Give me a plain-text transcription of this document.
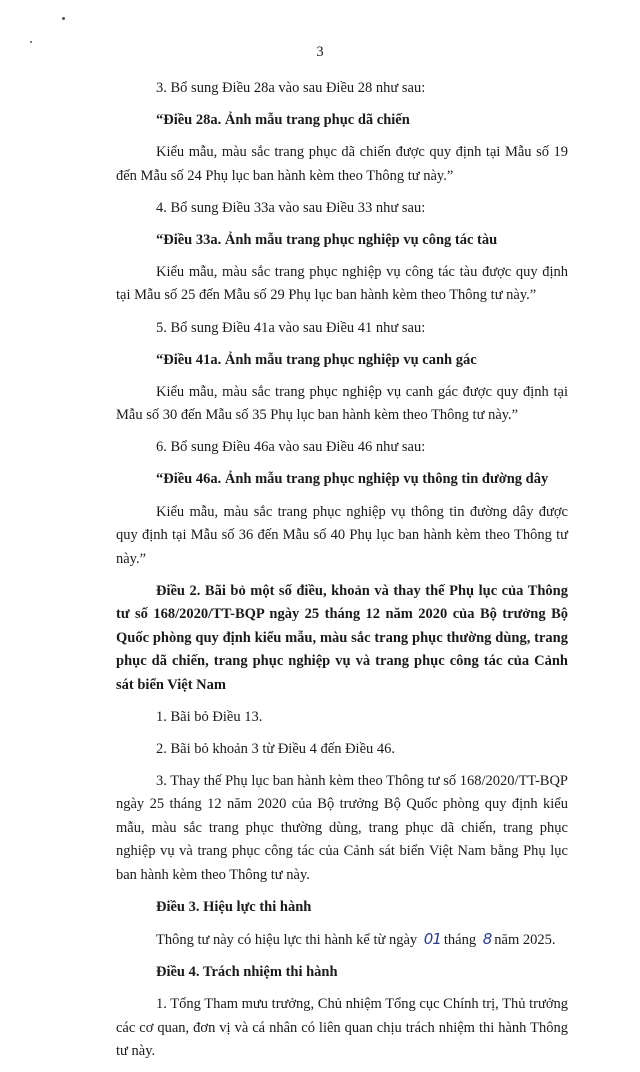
3

3. Bổ sung Điều 28a vào sau Điều 28 như sau:

“Điều 28a. Ảnh mẫu trang phục dã chiến

Kiểu mẫu, màu sắc trang phục dã chiến được quy định tại Mẫu số 19 đến Mẫu số 24 Phụ lục ban hành kèm theo Thông tư này.”

4. Bổ sung Điều 33a vào sau Điều 33 như sau:

“Điều 33a. Ảnh mẫu trang phục nghiệp vụ công tác tàu

Kiểu mẫu, màu sắc trang phục nghiệp vụ công tác tàu được quy định tại Mẫu số 25 đến Mẫu số 29 Phụ lục ban hành kèm theo Thông tư này.”

5. Bổ sung Điều 41a vào sau Điều 41 như sau:

“Điều 41a. Ảnh mẫu trang phục nghiệp vụ canh gác

Kiểu mẫu, màu sắc trang phục nghiệp vụ canh gác được quy định tại Mẫu số 30 đến Mẫu số 35 Phụ lục ban hành kèm theo Thông tư này.”

6. Bổ sung Điều 46a vào sau Điều 46 như sau:

“Điều 46a. Ảnh mẫu trang phục nghiệp vụ thông tin đường dây

Kiểu mẫu, màu sắc trang phục nghiệp vụ thông tin đường dây được quy định tại Mẫu số 36 đến Mẫu số 40 Phụ lục ban hành kèm theo Thông tư này.”

Điều 2. Bãi bỏ một số điều, khoản và thay thế Phụ lục của Thông tư số 168/2020/TT-BQP ngày 25 tháng 12 năm 2020 của Bộ trưởng Bộ Quốc phòng quy định kiểu mẫu, màu sắc trang phục thường dùng, trang phục dã chiến, trang phục nghiệp vụ và trang phục công tác của Cảnh sát biển Việt Nam

1. Bãi bỏ Điều 13.

2. Bãi bỏ khoản 3 từ Điều 4 đến Điều 46.

3. Thay thế Phụ lục ban hành kèm theo Thông tư số 168/2020/TT-BQP ngày 25 tháng 12 năm 2020 của Bộ trưởng Bộ Quốc phòng quy định kiểu mẫu, màu sắc trang phục thường dùng, trang phục dã chiến, trang phục nghiệp vụ và trang phục công tác của Cảnh sát biển Việt Nam bằng Phụ lục ban hành kèm theo Thông tư này.

Điều 3. Hiệu lực thi hành

Thông tư này có hiệu lực thi hành kể từ ngày 01 tháng 8 năm 2025.

Điều 4. Trách nhiệm thi hành

1. Tổng Tham mưu trưởng, Chủ nhiệm Tổng cục Chính trị, Thủ trưởng các cơ quan, đơn vị và cá nhân có liên quan chịu trách nhiệm thi hành Thông tư này.
